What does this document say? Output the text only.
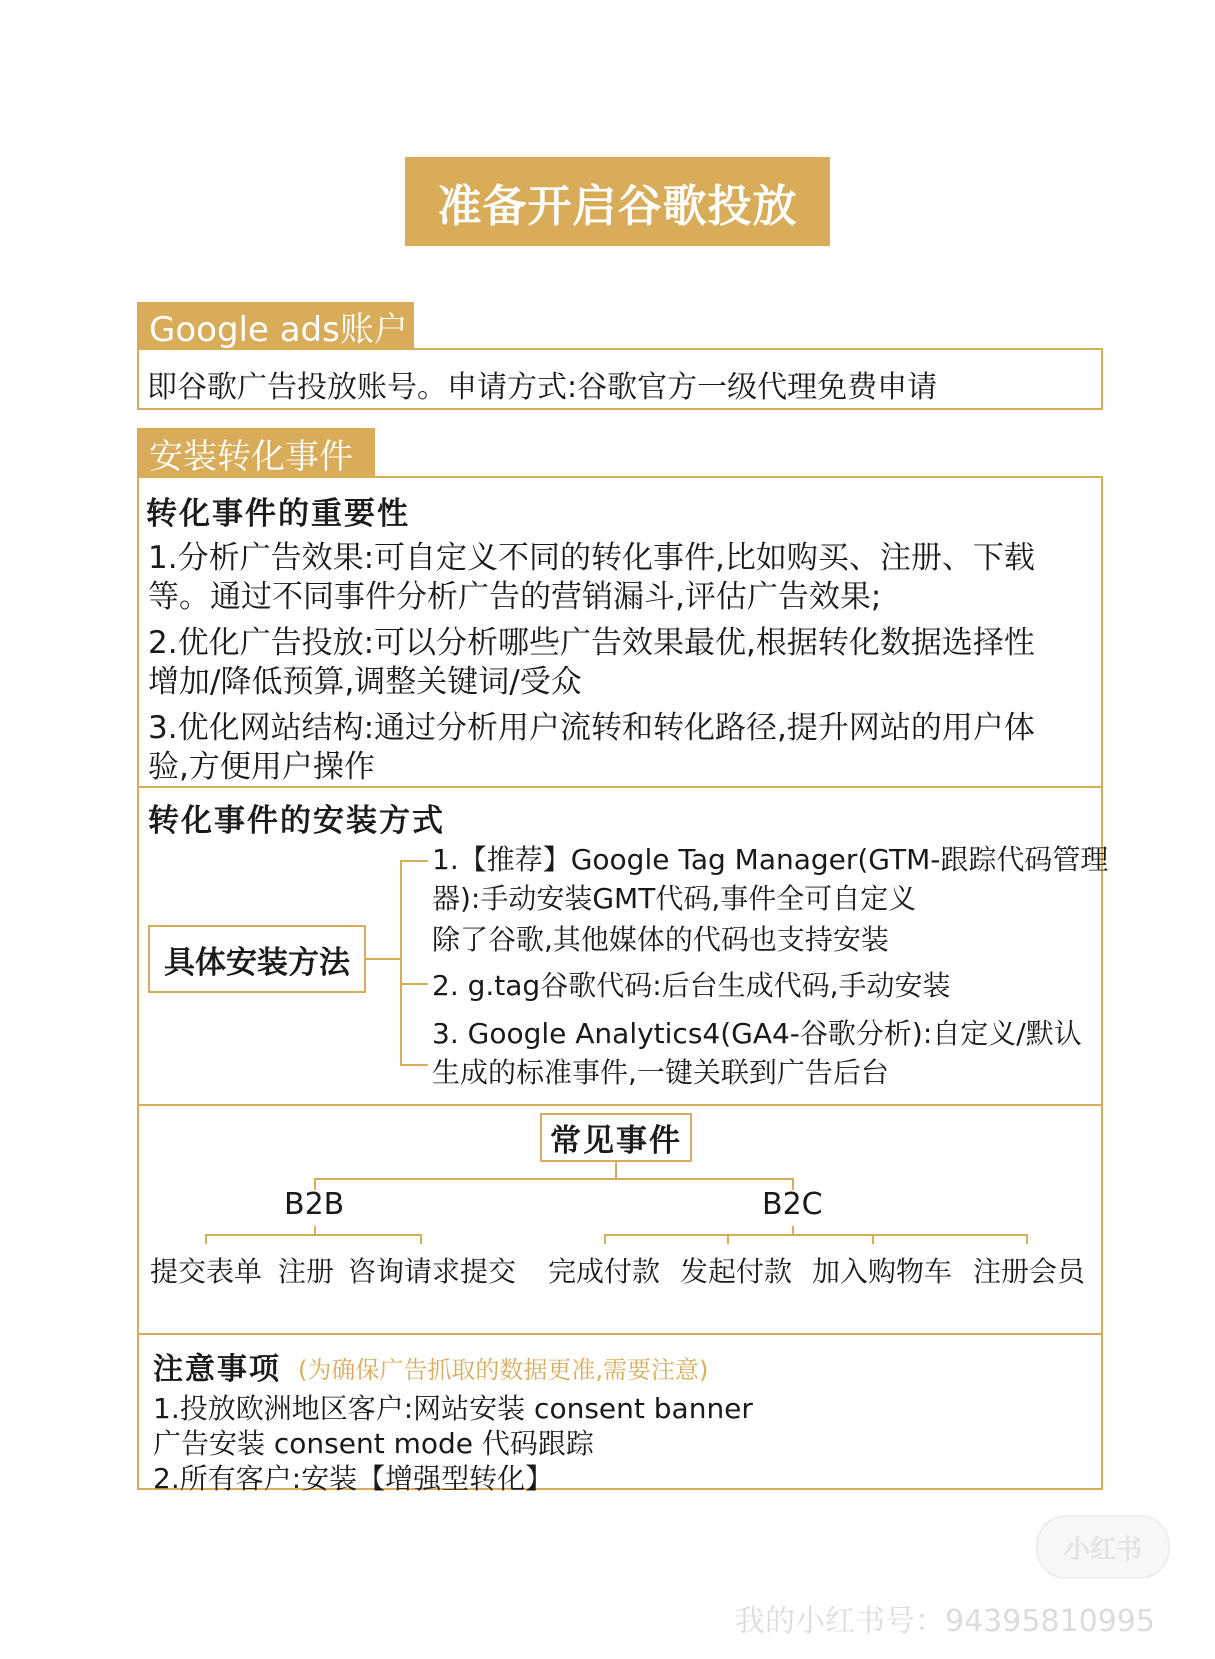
准备开启谷歌投放
Google ads账户
即谷歌广告投放账号。申请方式:谷歌官方一级代理免费申请
安装转化事件
转化事件的重要性
1.分析广告效果:可自定义不同的转化事件,比如购买、注册、下载
等。通过不同事件分析广告的营销漏斗,评估广告效果;
2.优化广告投放:可以分析哪些广告效果最优,根据转化数据选择性
增加/降低预算,调整关键词/受众
3.优化网站结构:通过分析用户流转和转化路径,提升网站的用户体
验,方便用户操作
转化事件的安装方式
具体安装方法
1.【推荐】Google Tag Manager(GTM-跟踪代码管理
器):手动安装GMT代码,事件全可自定义
除了谷歌,其他媒体的代码也支持安装
2. g.tag谷歌代码:后台生成代码,手动安装
3. Google Analytics4(GA4-谷歌分析):自定义/默认
生成的标准事件,一键关联到广告后台
常见事件
B2B	B2C
提交表单 注册 咨询请求提交 完成付款 发起付款 加入购物车 注册会员
注意事项 (为确保广告抓取的数据更准,需要注意)
1.投放欧洲地区客户:网站安装 consent banner
广告安装 consent mode 代码跟踪
2.所有客户:安装【增强型转化】
小红书
我的小红书号：94395810995
